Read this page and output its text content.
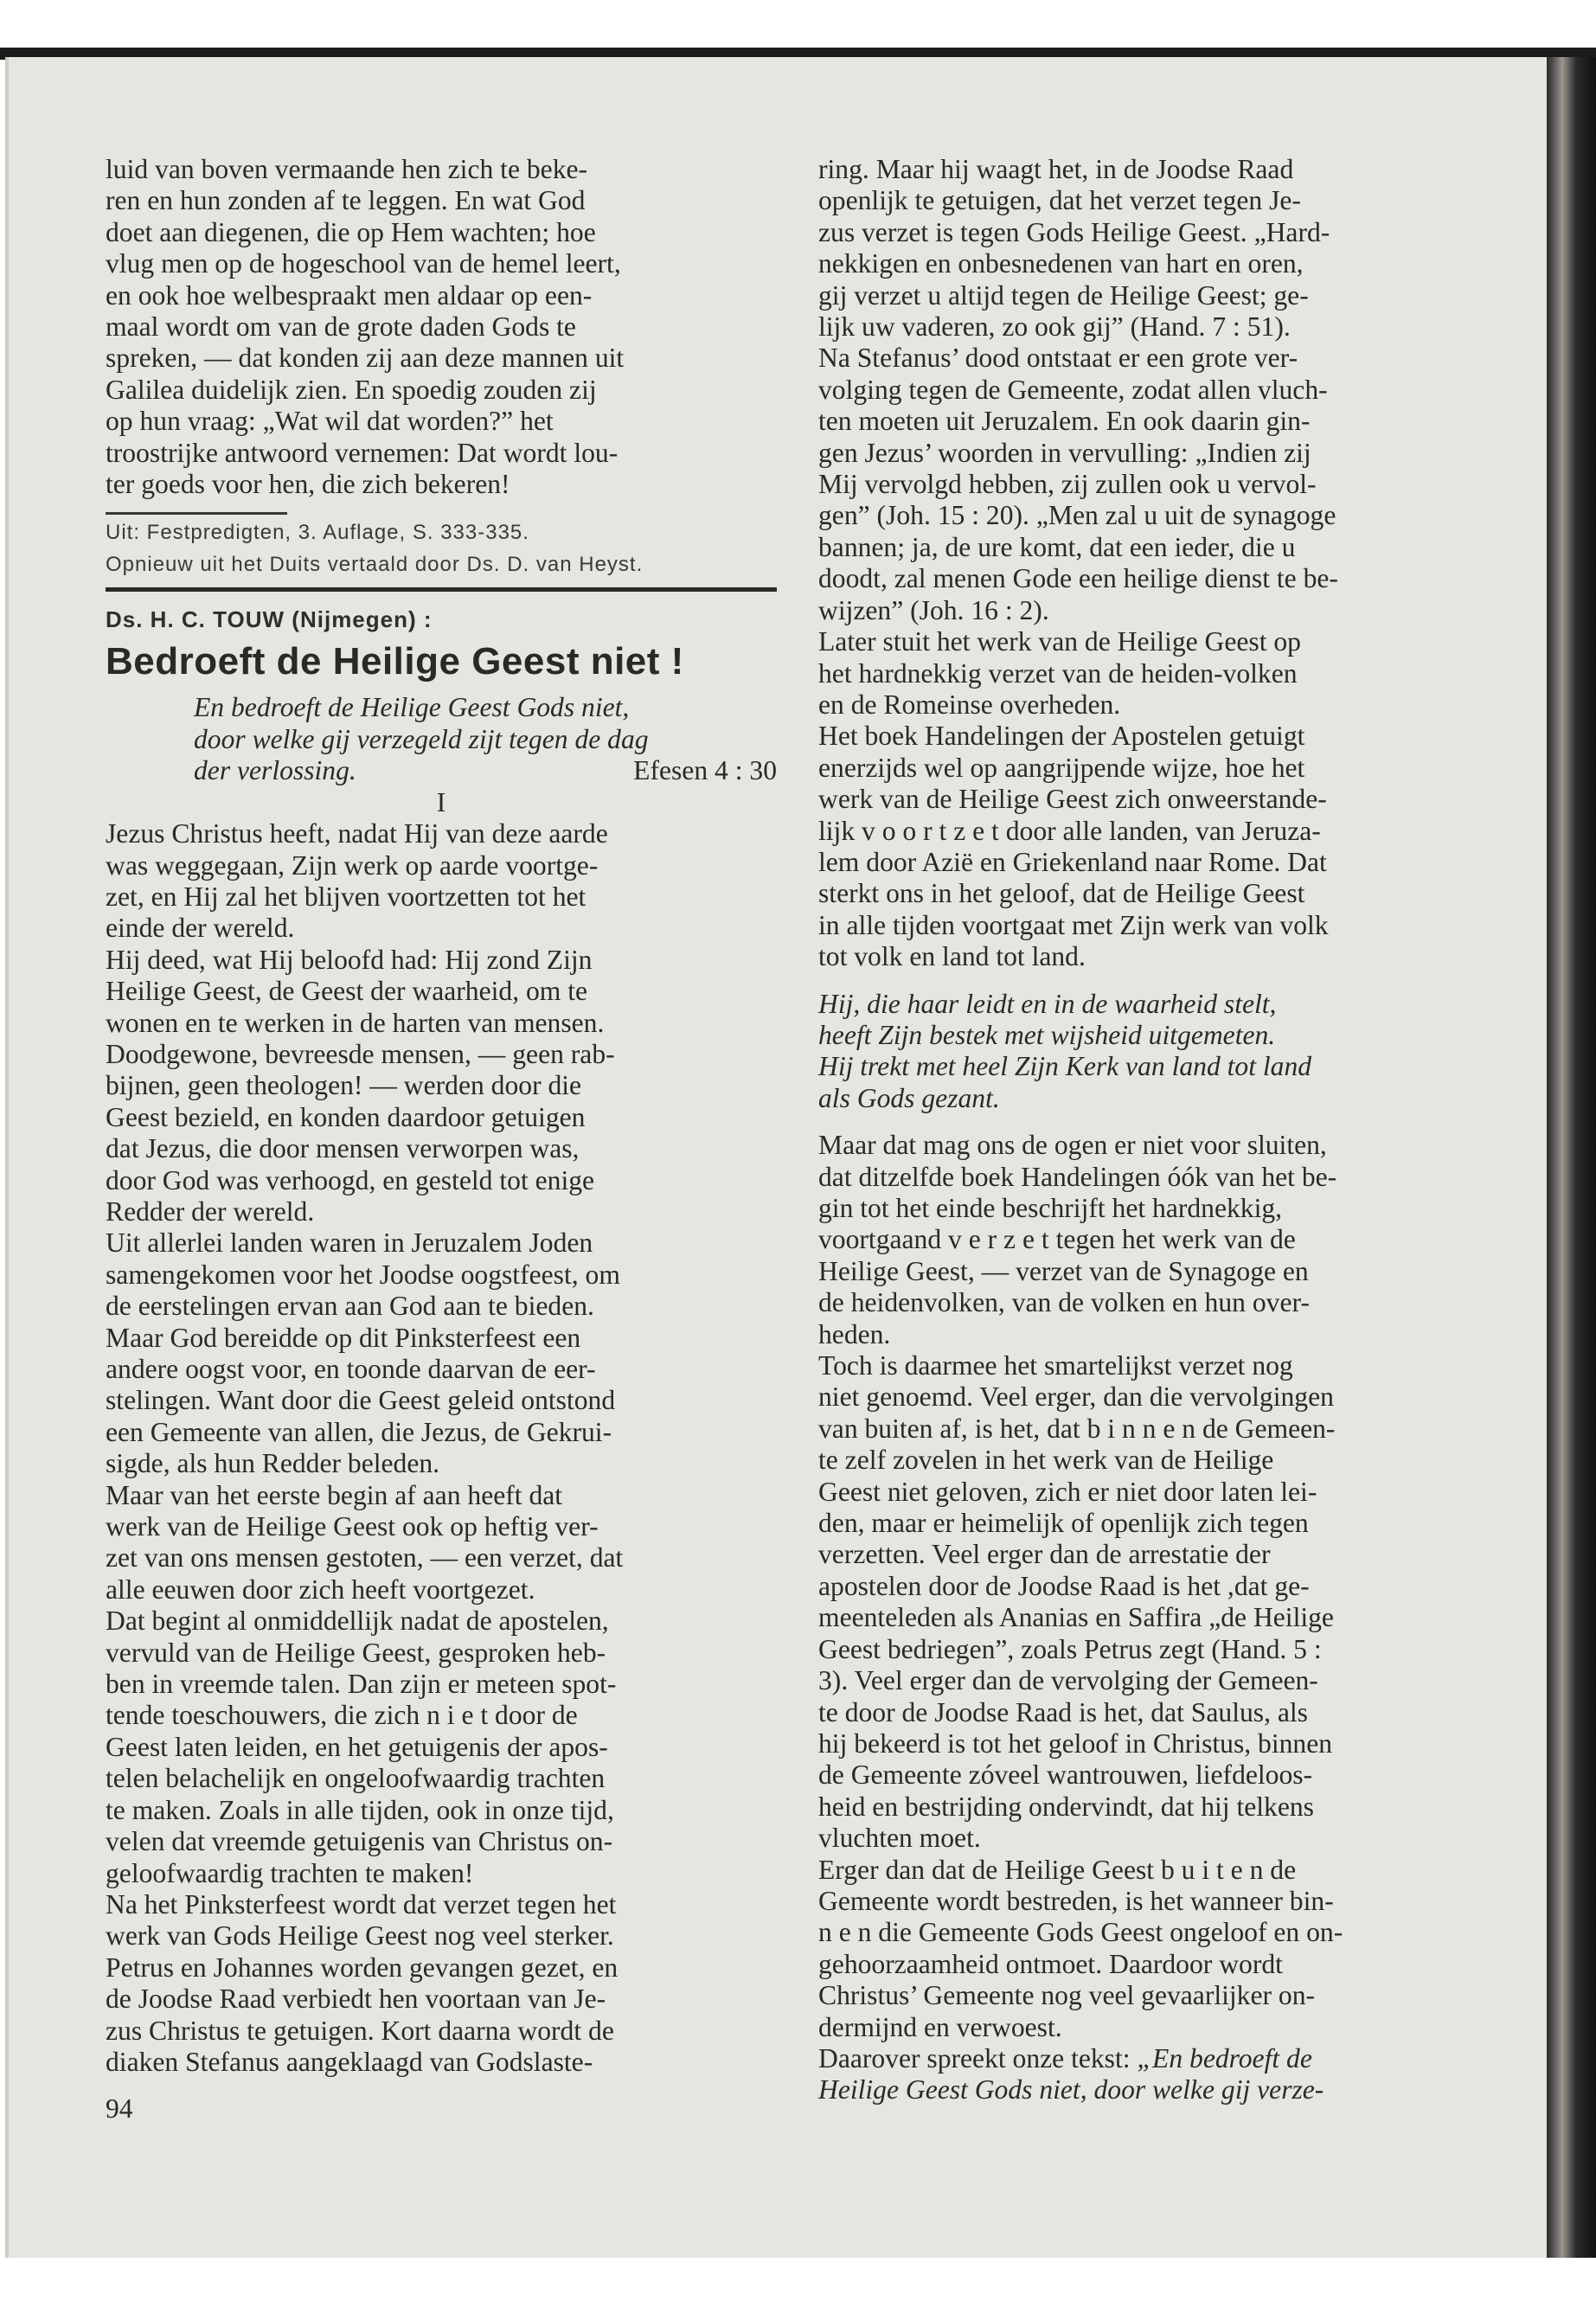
luid van boven vermaande hen zich te beke-

ren en hun zonden af te leggen. En wat God

doet aan diegenen, die op Hem wachten; hoe

vlug men op de hogeschool van de hemel leert,

en ook hoe welbespraakt men aldaar op een-

maal wordt om van de grote daden Gods te

spreken, — dat konden zij aan deze mannen uit

Galilea duidelijk zien. En spoedig zouden zij

op hun vraag: „Wat wil dat worden?” het

troostrijke antwoord vernemen: Dat wordt lou-

ter goeds voor hen, die zich bekeren!

Uit: Festpredigten, 3. Auflage, S. 333-335.

Opnieuw uit het Duits vertaald door Ds. D. van Heyst.

Ds. H. C. TOUW (Nijmegen) :
Bedroeft de Heilige Geest niet !

En bedroeft de Heilige Geest Gods niet,

door welke gij verzegeld zijt tegen de dag

der verlossing.	Efesen 4 : 30

I

Jezus Christus heeft, nadat Hij van deze aarde

was weggegaan, Zijn werk op aarde voortge-

zet, en Hij zal het blijven voortzetten tot het

einde der wereld.

Hij deed, wat Hij beloofd had: Hij zond Zijn

Heilige Geest, de Geest der waarheid, om te

wonen en te werken in de harten van mensen.

Doodgewone, bevreesde mensen, — geen rab-

bijnen, geen theologen! — werden door die

Geest bezield, en konden daardoor getuigen

dat Jezus, die door mensen verworpen was,

door God was verhoogd, en gesteld tot enige

Redder der wereld.

Uit allerlei landen waren in Jeruzalem Joden

samengekomen voor het Joodse oogstfeest, om

de eerstelingen ervan aan God aan te bieden.

Maar God bereidde op dit Pinksterfeest een

andere oogst voor, en toonde daarvan de eer-

stelingen. Want door die Geest geleid ontstond

een Gemeente van allen, die Jezus, de Gekrui-

sigde, als hun Redder beleden.

Maar van het eerste begin af aan heeft dat

werk van de Heilige Geest ook op heftig ver-

zet van ons mensen gestoten, — een verzet, dat

alle eeuwen door zich heeft voortgezet.

Dat begint al onmiddellijk nadat de apostelen,

vervuld van de Heilige Geest, gesproken heb-

ben in vreemde talen. Dan zijn er meteen spot-

tende toeschouwers, die zich n i e t door de

Geest laten leiden, en het getuigenis der apos-

telen belachelijk en ongeloofwaardig trachten

te maken. Zoals in alle tijden, ook in onze tijd,

velen dat vreemde getuigenis van Christus on-

geloofwaardig trachten te maken!

Na het Pinksterfeest wordt dat verzet tegen het

werk van Gods Heilige Geest nog veel sterker.

Petrus en Johannes worden gevangen gezet, en

de Joodse Raad verbiedt hen voortaan van Je-

zus Christus te getuigen. Kort daarna wordt de

diaken Stefanus aangeklaagd van Godslaste-

94

ring. Maar hij waagt het, in de Joodse Raad

openlijk te getuigen, dat het verzet tegen Je-

zus verzet is tegen Gods Heilige Geest. „Hard-

nekkigen en onbesnedenen van hart en oren,

gij verzet u altijd tegen de Heilige Geest; ge-

lijk uw vaderen, zo ook gij” (Hand. 7 : 51).

Na Stefanus’ dood ontstaat er een grote ver-

volging tegen de Gemeente, zodat allen vluch-

ten moeten uit Jeruzalem. En ook daarin gin-

gen Jezus’ woorden in vervulling: „Indien zij

Mij vervolgd hebben, zij zullen ook u vervol-

gen” (Joh. 15 : 20). „Men zal u uit de synagoge

bannen; ja, de ure komt, dat een ieder, die u

doodt, zal menen Gode een heilige dienst te be-

wijzen” (Joh. 16 : 2).

Later stuit het werk van de Heilige Geest op

het hardnekkig verzet van de heiden-volken

en de Romeinse overheden.

Het boek Handelingen der Apostelen getuigt

enerzijds wel op aangrijpende wijze, hoe het

werk van de Heilige Geest zich onweerstande-

lijk v o o r t z e t door alle landen, van Jeruza-

lem door Azië en Griekenland naar Rome. Dat

sterkt ons in het geloof, dat de Heilige Geest

in alle tijden voortgaat met Zijn werk van volk

tot volk en land tot land.

Hij, die haar leidt en in de waarheid stelt,

heeft Zijn bestek met wijsheid uitgemeten.

Hij trekt met heel Zijn Kerk van land tot land

als Gods gezant.

Maar dat mag ons de ogen er niet voor sluiten,

dat ditzelfde boek Handelingen óók van het be-

gin tot het einde beschrijft het hardnekkig,

voortgaand v e r z e t tegen het werk van de

Heilige Geest, — verzet van de Synagoge en

de heidenvolken, van de volken en hun over-

heden.

Toch is daarmee het smartelijkst verzet nog

niet genoemd. Veel erger, dan die vervolgingen

van buiten af, is het, dat b i n n e n de Gemeen-

te zelf zovelen in het werk van de Heilige

Geest niet geloven, zich er niet door laten lei-

den, maar er heimelijk of openlijk zich tegen

verzetten. Veel erger dan de arrestatie der

apostelen door de Joodse Raad is het ,dat ge-

meenteleden als Ananias en Saffira „de Heilige

Geest bedriegen”, zoals Petrus zegt (Hand. 5 :

3). Veel erger dan de vervolging der Gemeen-

te door de Joodse Raad is het, dat Saulus, als

hij bekeerd is tot het geloof in Christus, binnen

de Gemeente zóveel wantrouwen, liefdeloos-

heid en bestrijding ondervindt, dat hij telkens

vluchten moet.

Erger dan dat de Heilige Geest b u i t e n de

Gemeente wordt bestreden, is het wanneer bin-

n e n die Gemeente Gods Geest ongeloof en on-

gehoorzaamheid ontmoet. Daardoor wordt

Christus’ Gemeente nog veel gevaarlijker on-

dermijnd en verwoest.

Daarover spreekt onze tekst: „En bedroeft de

Heilige Geest Gods niet, door welke gij verze-
